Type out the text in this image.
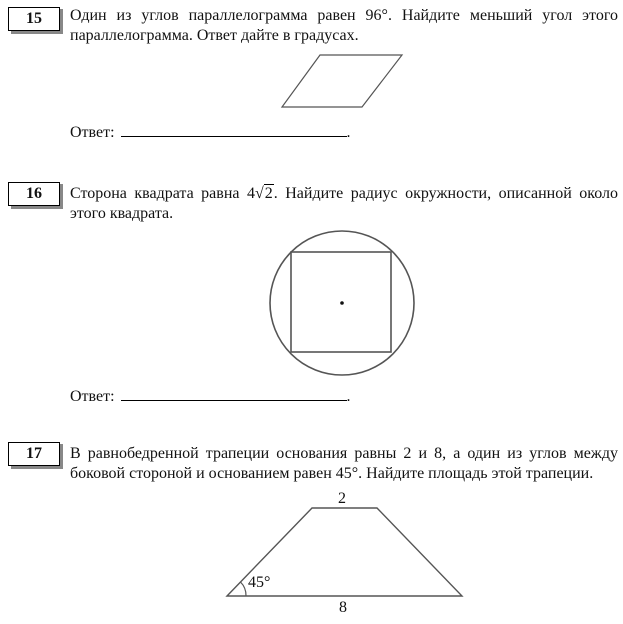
15 Один из углов параллелограмма равен 96°. Найдите меньший угол этого параллелограмма. Ответ дайте в градусах.
Ответ:	.
16 Сторона квадрата равна 4√2. Найдите радиус окружности, описанной около этого квадрата.
Ответ:	.
17 В равнобедренной трапеции основания равны 2 и 8, а один из углов между боковой стороной и основанием равен 45°. Найдите площадь этой трапеции.
45°
2
8
